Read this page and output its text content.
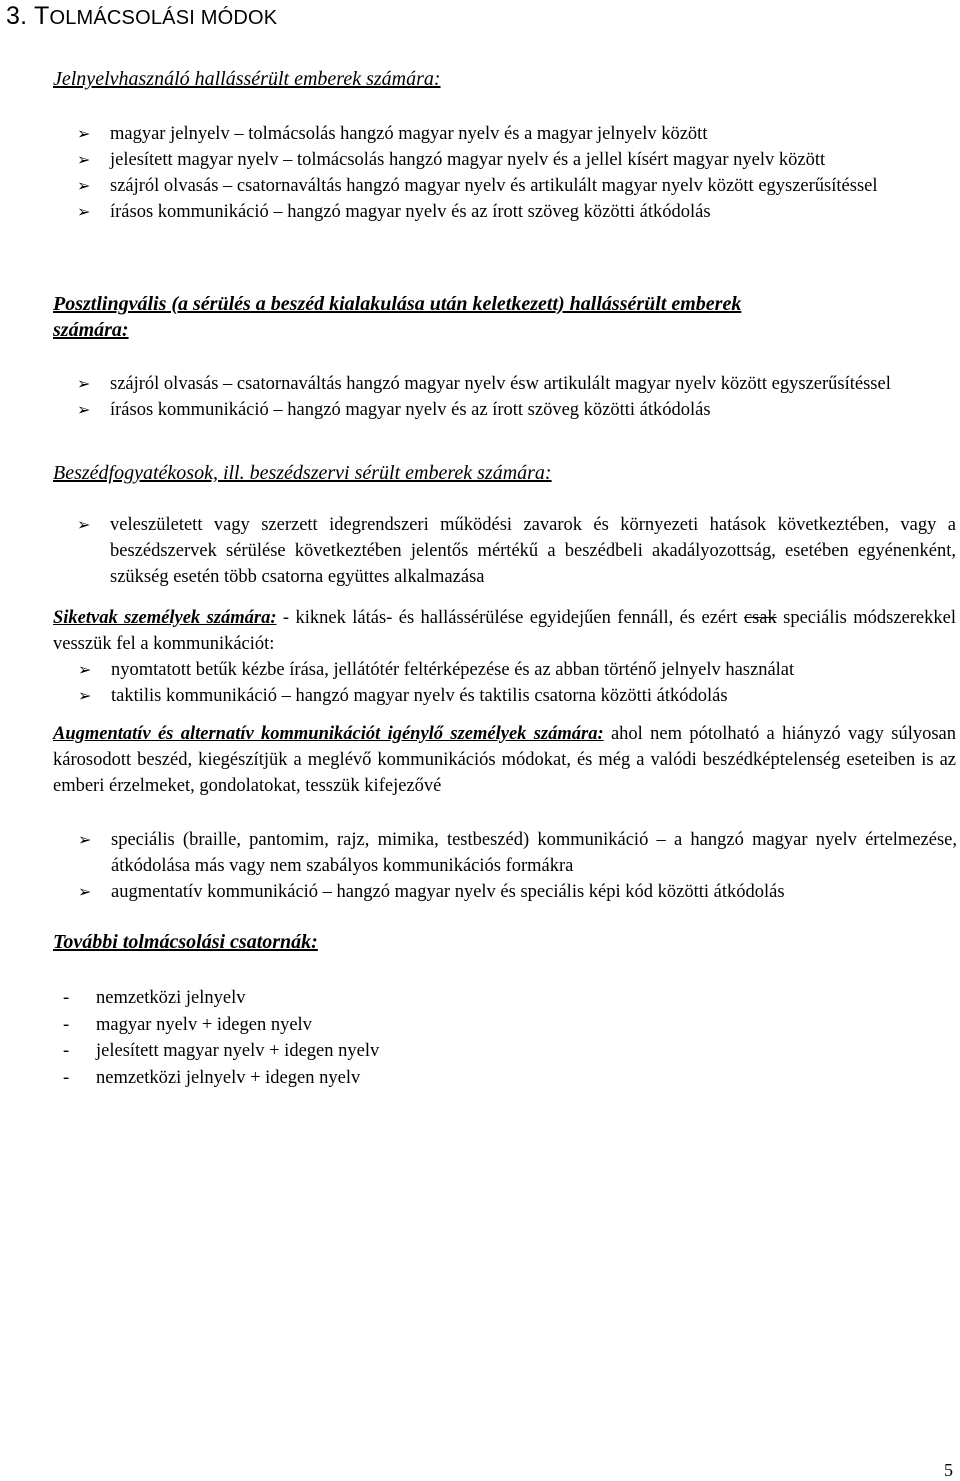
3. TOLMÁCSOLÁSI MÓDOK
Jelnyelvhasználó hallássérült emberek számára:
➢ magyar jelnyelv – tolmácsolás hangzó magyar nyelv és a magyar jelnyelv között
➢ jelesített magyar nyelv – tolmácsolás hangzó magyar nyelv és a jellel kísért magyar nyelv között
➢ szájról olvasás – csatornaváltás hangzó magyar nyelv és artikulált magyar nyelv között egyszerűsítéssel
➢ írásos kommunikáció – hangzó magyar nyelv és az írott szöveg közötti átkódolás
Posztlingvális (a sérülés a beszéd kialakulása után keletkezett) hallássérült emberek
számára:
➢ szájról olvasás – csatornaváltás hangzó magyar nyelv ésw artikulált magyar nyelv között egyszerűsítéssel
➢ írásos kommunikáció – hangzó magyar nyelv és az írott szöveg közötti átkódolás
Beszédfogyatékosok, ill. beszédszervi sérült emberek számára:
➢ veleszületett vagy szerzett idegrendszeri működési zavarok és környezeti hatások következtében, vagy a beszédszervek sérülése következtében jelentős mértékű a beszédbeli akadályozottság, esetében egyénenként, szükség esetén több csatorna együttes alkalmazása

Siketvak személyek számára: - kiknek látás- és hallássérülése egyidejűen fennáll, és ezért csak speciális módszerekkel vesszük fel a kommunikációt:

➢ nyomtatott betűk kézbe írása, jellátótér feltérképezése és az abban történő jelnyelv használat
➢ taktilis kommunikáció – hangzó magyar nyelv és taktilis csatorna közötti átkódolás

Augmentatív és alternatív kommunikációt igénylő személyek számára: ahol nem pótolható a hiányzó vagy súlyosan károsodott beszéd, kiegészítjük a meglévő kommunikációs módokat, és még a valódi beszédképtelenség eseteiben is az emberi érzelmeket, gondolatokat, tesszük kifejezővé

➢ speciális (braille, pantomim, rajz, mimika, testbeszéd) kommunikáció – a hangzó magyar nyelv értelmezése, átkódolása más vagy nem szabályos kommunikációs formákra
➢ augmentatív kommunikáció – hangzó magyar nyelv és speciális képi kód közötti átkódolás
További tolmácsolási csatornák:
- nemzetközi jelnyelv
- magyar nyelv + idegen nyelv
- jelesített magyar nyelv + idegen nyelv
- nemzetközi jelnyelv + idegen nyelv
5
